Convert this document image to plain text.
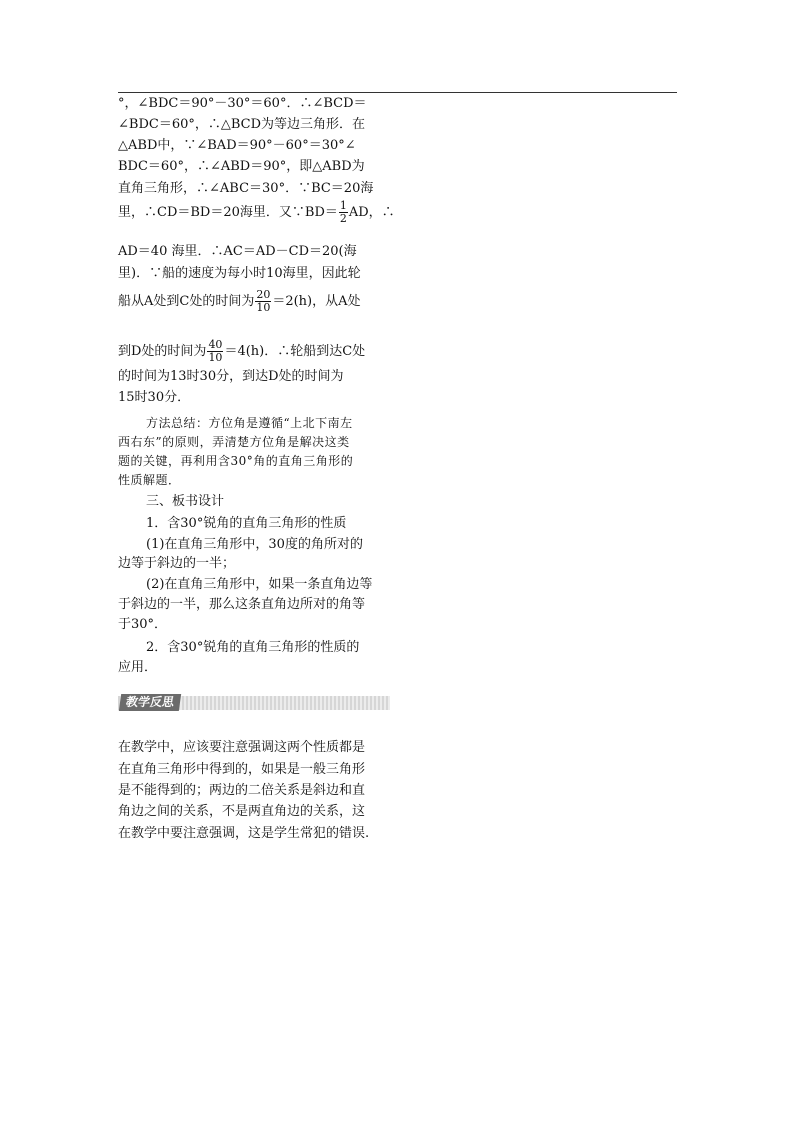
°，∠BDC＝90°－30°＝60°．∴∠BCD＝
∠BDC＝60°，∴△BCD为等边三角形．在
△ABD中，∵∠BAD＝90°－60°＝30°∠
BDC＝60°，∴∠ABD＝90°，即△ABD为
直角三角形，∴∠ABC＝30°．∵BC＝20海
里，∴CD＝BD＝20海里．又∵BD＝ $\frac{1}{2}$ AD，∴
AD＝40 海里．∴AC＝AD－CD＝20(海
里)．∵船的速度为每小时10海里，因此轮
船从A处到C处的时间为 $\frac{20}{10} =2(h)$，从A处
到D处的时间为 $\frac{40}{10} =4(h)$．∴轮船到达C处
的时间为13时30分，到达D处的时间为
15时30分．
方法总结：方位角是遵循“上北下南左
西右东”的原则，弄清楚方位角是解决这类
题的关键，再利用含30°角的直角三角形的
性质解题．
三、板书设计
1．含30°锐角的直角三角形的性质
(1)在直角三角形中，30度的角所对的
边等于斜边的一半；
(2)在直角三角形中，如果一条直角边等
于斜边的一半，那么这条直角边所对的角等
于30°．
2．含30°锐角的直角三角形的性质的
应用．
教学反思
在教学中，应该要注意强调这两个性质都是
在直角三角形中得到的，如果是一般三角形
是不能得到的；两边的二倍关系是斜边和直
角边之间的关系，不是两直角边的关系，这
在教学中要注意强调，这是学生常犯的错误.
